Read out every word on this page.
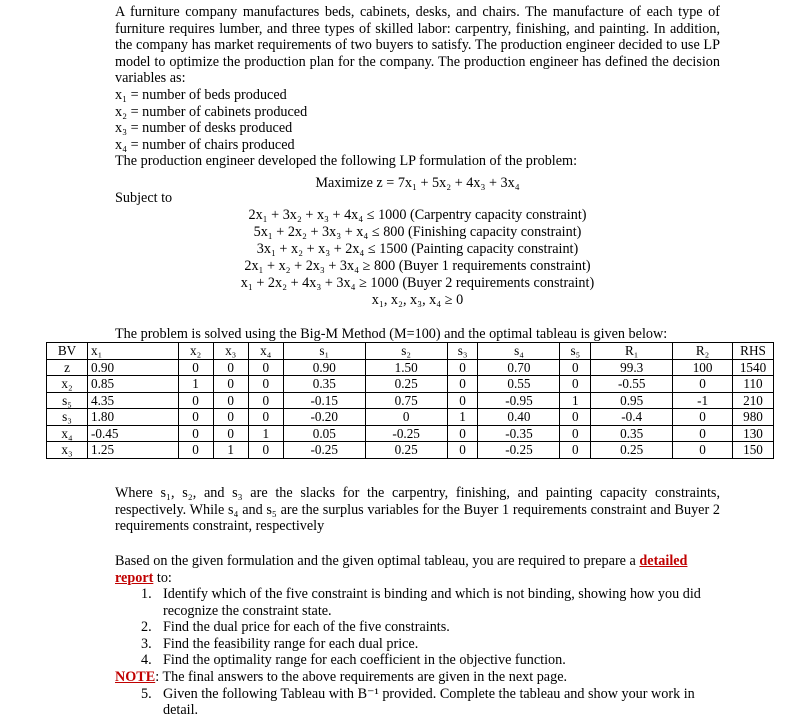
A furniture company manufactures beds, cabinets, desks, and chairs. The manufacture of each type of furniture requires lumber, and three types of skilled labor: carpentry, finishing, and painting. In addition, the company has market requirements of two buyers to satisfy. The production engineer decided to use LP model to optimize the production plan for the company. The production engineer has defined the decision variables as:
x₁ = number of beds produced
x₂ = number of cabinets produced
x₃ = number of desks produced
x₄ = number of chairs produced
The production engineer developed the following LP formulation of the problem:
Maximize z = 7x₁ + 5x₂ + 4x₃ + 3x₄
Subject to
2x₁ + 3x₂ + x₃ + 4x₄ ≤ 1000 (Carpentry capacity constraint)
5x₁ + 2x₂ + 3x₃ + x₄ ≤ 800 (Finishing capacity constraint)
3x₁ + x₂ + x₃ + 2x₄ ≤ 1500 (Painting capacity constraint)
2x₁ + x₂ + 2x₃ + 3x₄ ≥ 800 (Buyer 1 requirements constraint)
x₁ + 2x₂ + 4x₃ + 3x₄ ≥ 1000 (Buyer 2 requirements constraint)
x₁, x₂, x₃, x₄ ≥ 0
The problem is solved using the Big-M Method (M=100) and the optimal tableau is given below:
BV	x₁	x₂	x₃	x₄	s₁	s₂	s₃	s₄	s₅	R₁	R₂	RHS
z	0.90	0	0	0	0.90	1.50	0	0.70	0	99.3	100	1540
x₂	0.85	1	0	0	0.35	0.25	0	0.55	0	-0.55	0	110
s₅	4.35	0	0	0	-0.15	0.75	0	-0.95	1	0.95	-1	210
s₃	1.80	0	0	0	-0.20	0	1	0.40	0	-0.4	0	980
x₄	-0.45	0	0	1	0.05	-0.25	0	-0.35	0	0.35	0	130
x₃	1.25	0	1	0	-0.25	0.25	0	-0.25	0	0.25	0	150
Where s₁, s₂, and s₃ are the slacks for the carpentry, finishing, and painting capacity constraints, respectively. While s₄ and s₅ are the surplus variables for the Buyer 1 requirements constraint and Buyer 2 requirements constraint, respectively
Based on the given formulation and the given optimal tableau, you are required to prepare a detailed report to:
1. Identify which of the five constraint is binding and which is not binding, showing how you did recognize the constraint state.
2. Find the dual price for each of the five constraints.
3. Find the feasibility range for each dual price.
4. Find the optimality range for each coefficient in the objective function.
NOTE: The final answers to the above requirements are given in the next page.
5. Given the following Tableau with B⁻¹ provided. Complete the tableau and show your work in detail.
